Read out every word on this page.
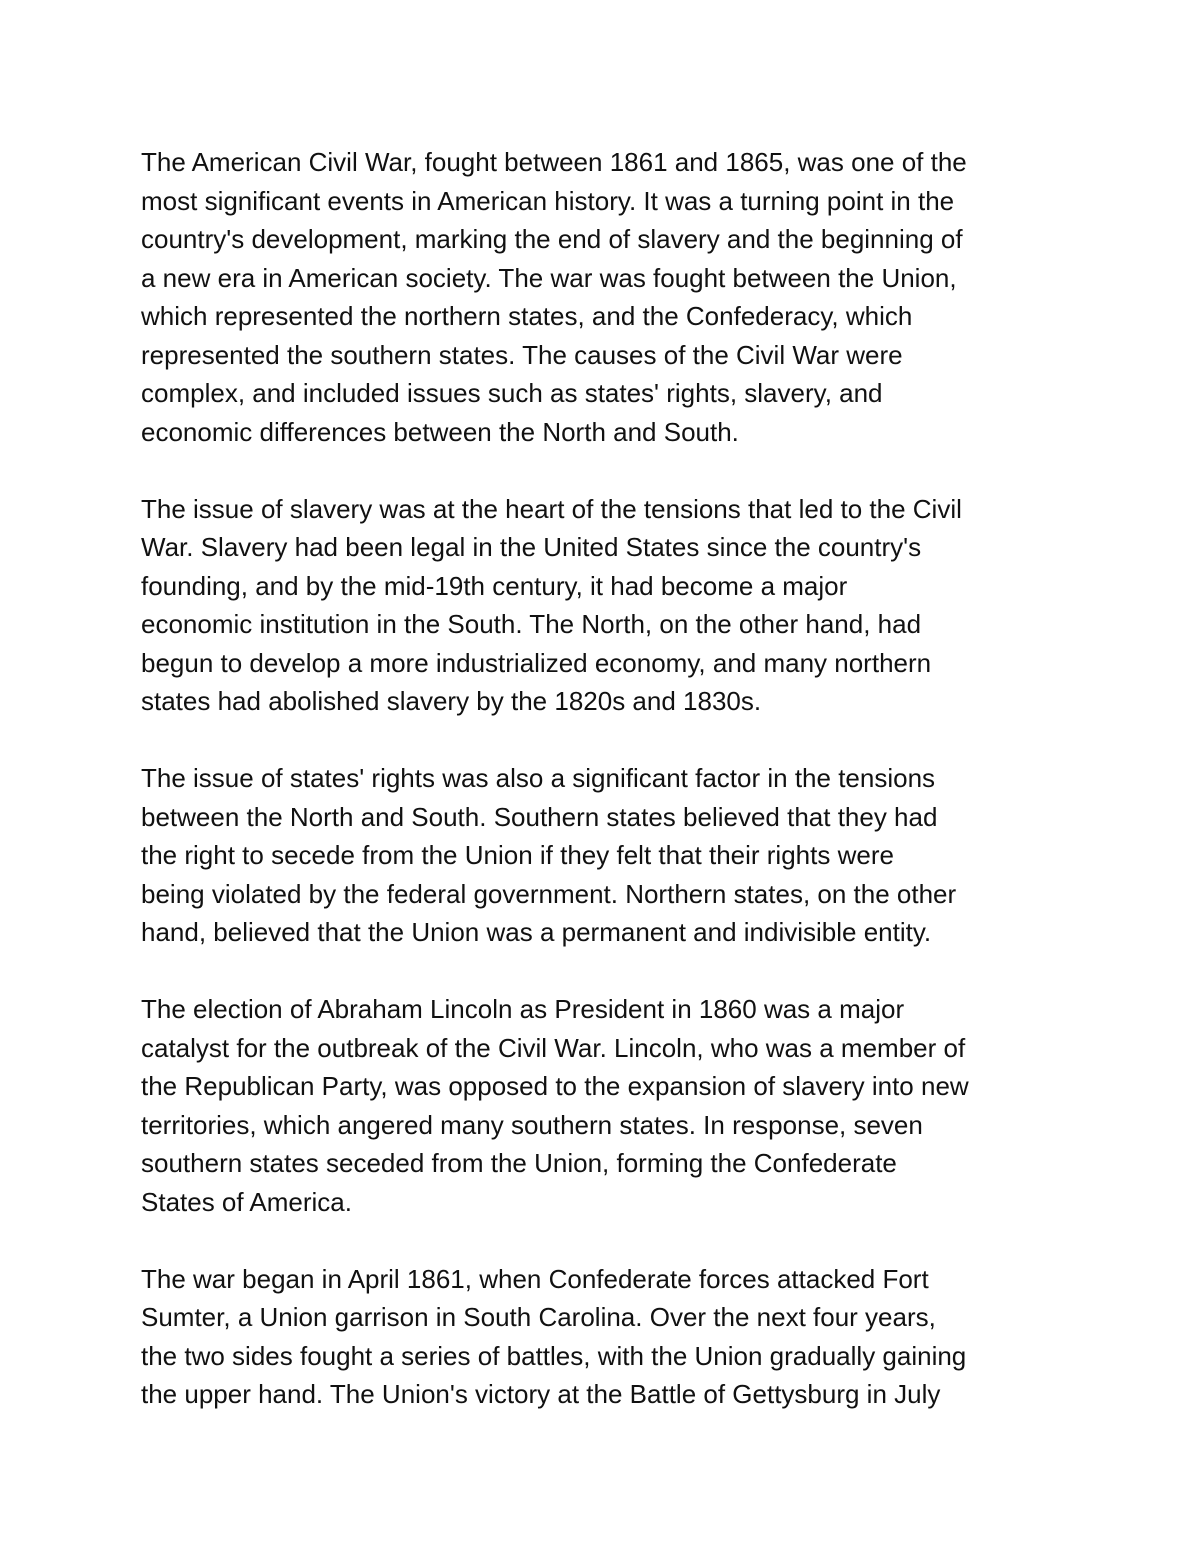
The American Civil War, fought between 1861 and 1865, was one of the
most significant events in American history. It was a turning point in the
country's development, marking the end of slavery and the beginning of
a new era in American society. The war was fought between the Union,
which represented the northern states, and the Confederacy, which
represented the southern states. The causes of the Civil War were
complex, and included issues such as states' rights, slavery, and
economic differences between the North and South.

The issue of slavery was at the heart of the tensions that led to the Civil
War. Slavery had been legal in the United States since the country's
founding, and by the mid-19th century, it had become a major
economic institution in the South. The North, on the other hand, had
begun to develop a more industrialized economy, and many northern
states had abolished slavery by the 1820s and 1830s.

The issue of states' rights was also a significant factor in the tensions
between the North and South. Southern states believed that they had
the right to secede from the Union if they felt that their rights were
being violated by the federal government. Northern states, on the other
hand, believed that the Union was a permanent and indivisible entity.

The election of Abraham Lincoln as President in 1860 was a major
catalyst for the outbreak of the Civil War. Lincoln, who was a member of
the Republican Party, was opposed to the expansion of slavery into new
territories, which angered many southern states. In response, seven
southern states seceded from the Union, forming the Confederate
States of America.

The war began in April 1861, when Confederate forces attacked Fort
Sumter, a Union garrison in South Carolina. Over the next four years,
the two sides fought a series of battles, with the Union gradually gaining
the upper hand. The Union's victory at the Battle of Gettysburg in July
